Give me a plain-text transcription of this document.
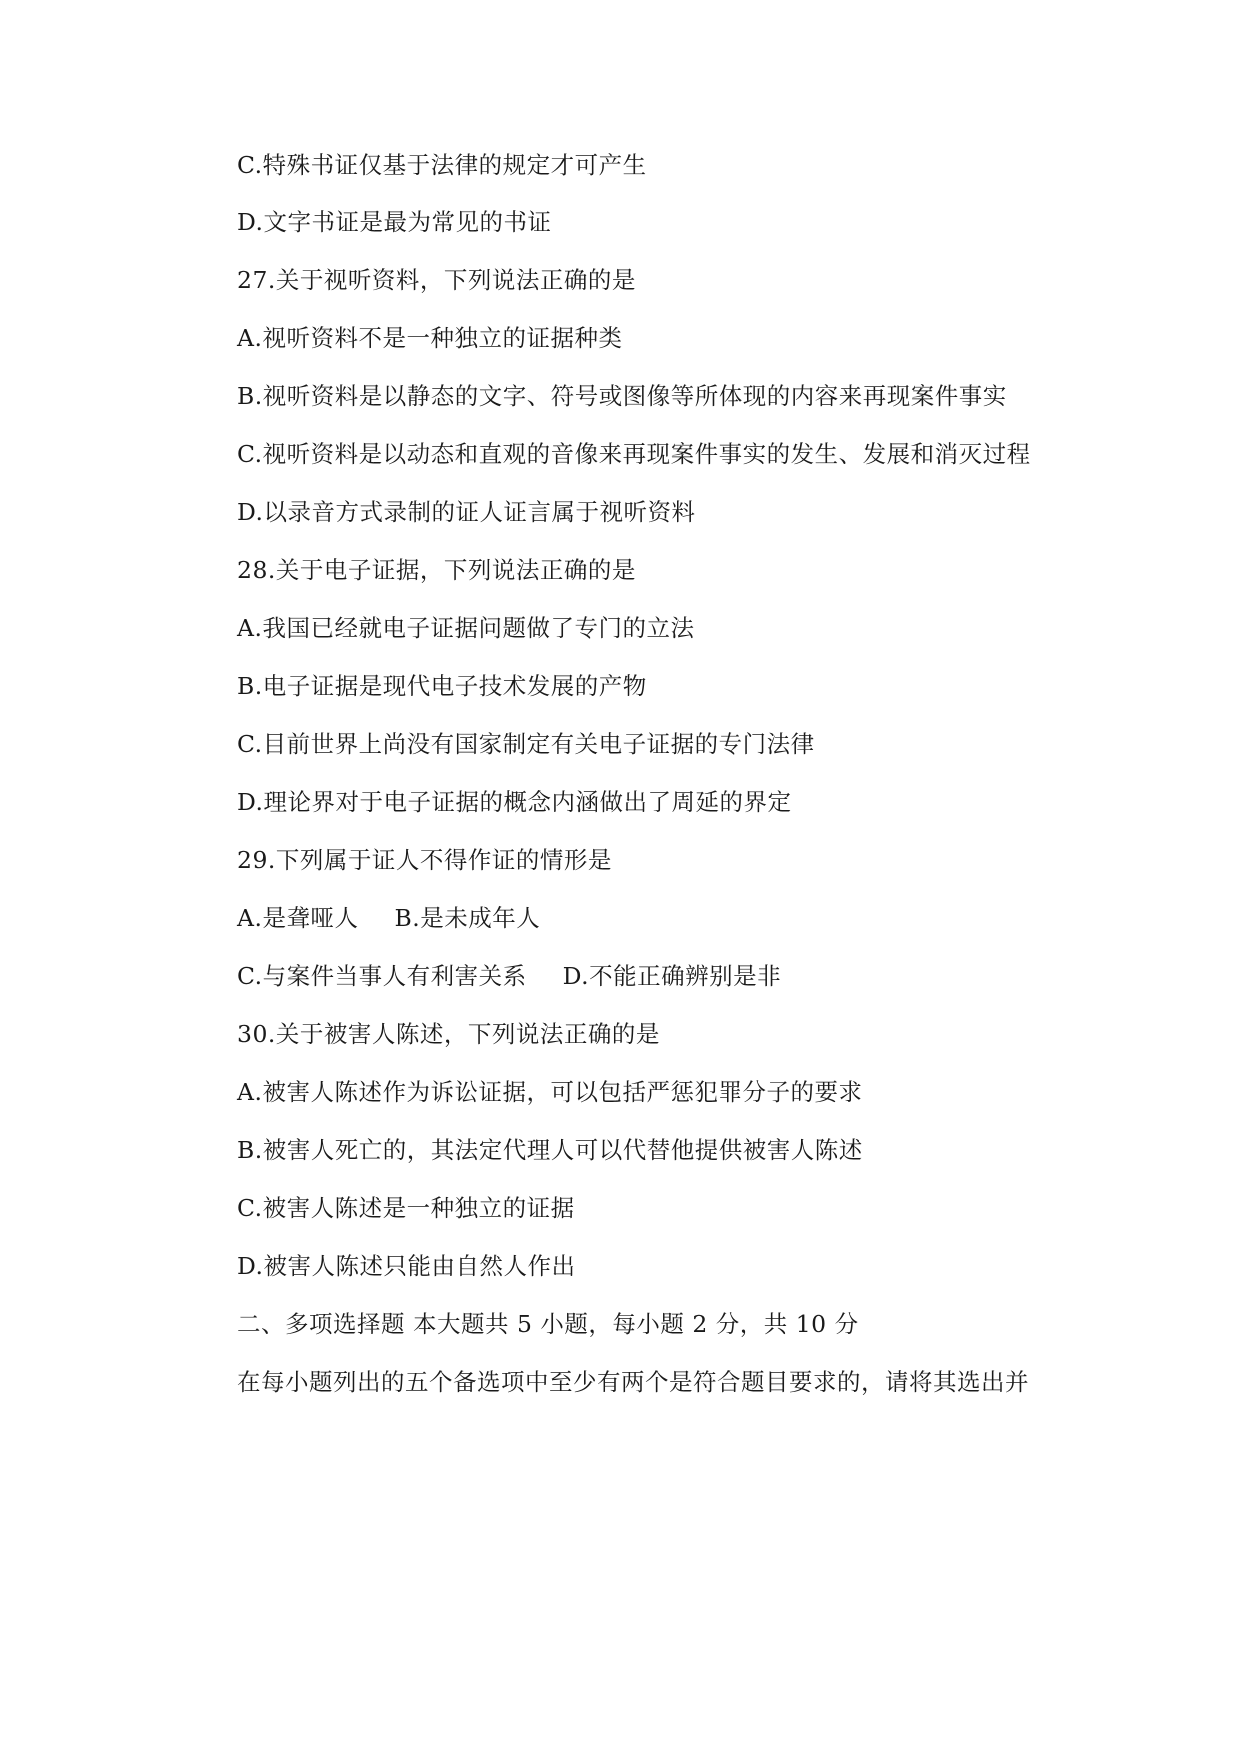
C.特殊书证仅基于法律的规定才可产生
D.文字书证是最为常见的书证
27.关于视听资料，下列说法正确的是
A.视听资料不是一种独立的证据种类
B.视听资料是以静态的文字、符号或图像等所体现的内容来再现案件事实
C.视听资料是以动态和直观的音像来再现案件事实的发生、发展和消灭过程
D.以录音方式录制的证人证言属于视听资料
28.关于电子证据，下列说法正确的是
A.我国已经就电子证据问题做了专门的立法
B.电子证据是现代电子技术发展的产物
C.目前世界上尚没有国家制定有关电子证据的专门法律
D.理论界对于电子证据的概念内涵做出了周延的界定
29.下列属于证人不得作证的情形是
A.是聋哑人 B.是未成年人
C.与案件当事人有利害关系 D.不能正确辨别是非
30.关于被害人陈述，下列说法正确的是
A.被害人陈述作为诉讼证据，可以包括严惩犯罪分子的要求
B.被害人死亡的，其法定代理人可以代替他提供被害人陈述
C.被害人陈述是一种独立的证据
D.被害人陈述只能由自然人作出
二、多项选择题 本大题共 5 小题，每小题 2 分，共 10 分
在每小题列出的五个备选项中至少有两个是符合题目要求的，请将其选出并
